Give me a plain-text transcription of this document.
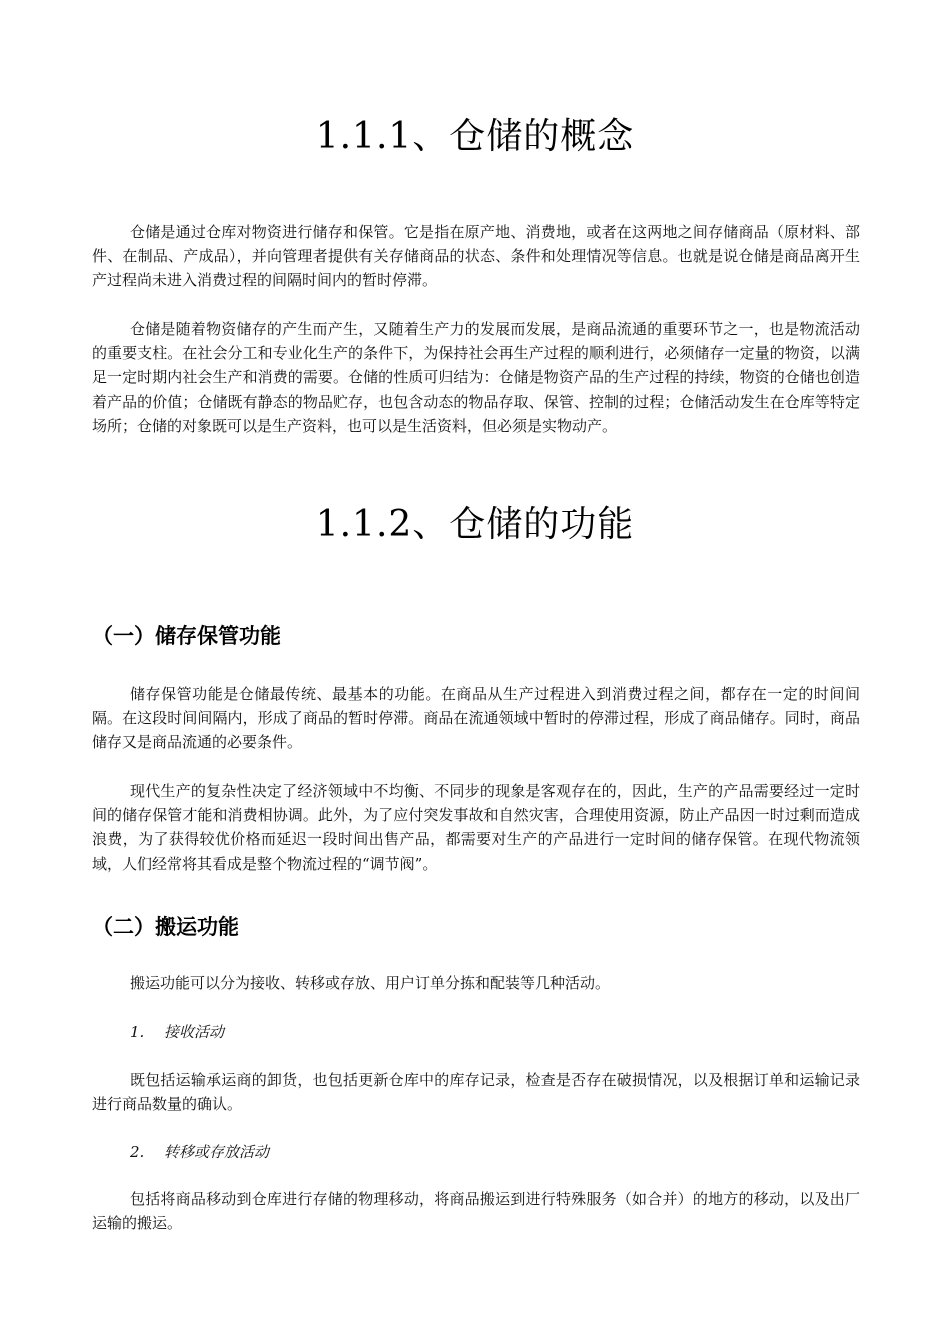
1.1.1、仓储的概念
仓储是通过仓库对物资进行储存和保管。它是指在原产地、消费地，或者在这两地之间存储商品（原材料、部件、在制品、产成品），并向管理者提供有关存储商品的状态、条件和处理情况等信息。也就是说仓储是商品离开生产过程尚未进入消费过程的间隔时间内的暂时停滞。
仓储是随着物资储存的产生而产生，又随着生产力的发展而发展，是商品流通的重要环节之一，也是物流活动的重要支柱。在社会分工和专业化生产的条件下，为保持社会再生产过程的顺利进行，必须储存一定量的物资，以满足一定时期内社会生产和消费的需要。仓储的性质可归结为：仓储是物资产品的生产过程的持续，物资的仓储也创造着产品的价值；仓储既有静态的物品贮存，也包含动态的物品存取、保管、控制的过程；仓储活动发生在仓库等特定场所；仓储的对象既可以是生产资料，也可以是生活资料，但必须是实物动产。
1.1.2、仓储的功能
（一）储存保管功能
储存保管功能是仓储最传统、最基本的功能。在商品从生产过程进入到消费过程之间，都存在一定的时间间隔。在这段时间间隔内，形成了商品的暂时停滞。商品在流通领域中暂时的停滞过程，形成了商品储存。同时，商品储存又是商品流通的必要条件。
现代生产的复杂性决定了经济领域中不均衡、不同步的现象是客观存在的，因此，生产的产品需要经过一定时间的储存保管才能和消费相协调。此外，为了应付突发事故和自然灾害，合理使用资源，防止产品因一时过剩而造成浪费，为了获得较优价格而延迟一段时间出售产品，都需要对生产的产品进行一定时间的储存保管。在现代物流领域，人们经常将其看成是整个物流过程的“调节阀”。
（二）搬运功能
搬运功能可以分为接收、转移或存放、用户订单分拣和配装等几种活动。
1. 接收活动
既包括运输承运商的卸货，也包括更新仓库中的库存记录，检查是否存在破损情况，以及根据订单和运输记录进行商品数量的确认。
2. 转移或存放活动
包括将商品移动到仓库进行存储的物理移动，将商品搬运到进行特殊服务（如合并）的地方的移动，以及出厂运输的搬运。
